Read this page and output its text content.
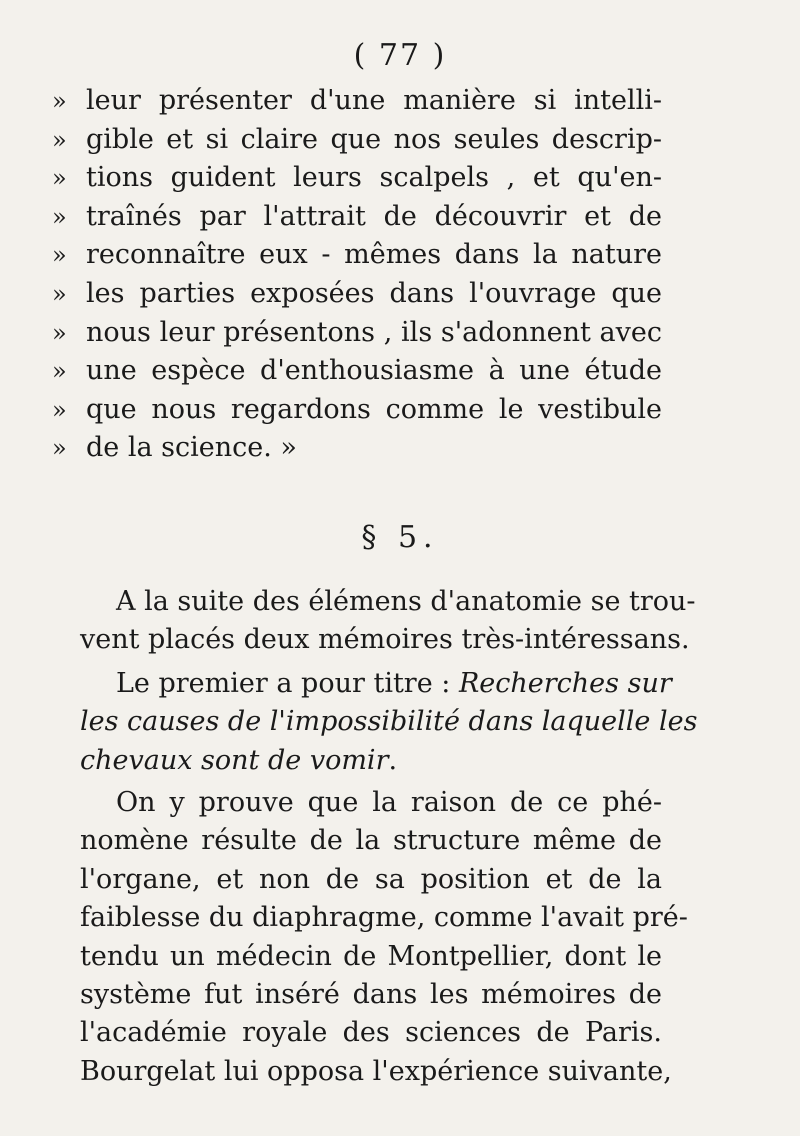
( 77 )
» leur présenter d'une manière si intelli-
» gible et si claire que nos seules descrip-
» tions guident leurs scalpels , et qu'en-
» traînés par l'attrait de découvrir et de
» reconnaître eux - mêmes dans la nature
» les parties exposées dans l'ouvrage que
» nous leur présentons , ils s'adonnent avec
» une espèce d'enthousiasme à une étude
» que nous regardons comme le vestibule
» de la science. »
§ 5.
A la suite des élémens d'anatomie se trou-
vent placés deux mémoires très-intéressans.
Le premier a pour titre : Recherches sur
les causes de l'impossibilité dans laquelle les
chevaux sont de vomir.
On y prouve que la raison de ce phé-
nomène résulte de la structure même de
l'organe, et non de sa position et de la
faiblesse du diaphragme, comme l'avait pré-
tendu un médecin de Montpellier, dont le
système fut inséré dans les mémoires de
l'académie royale des sciences de Paris.
Bourgelat lui opposa l'expérience suivante,
